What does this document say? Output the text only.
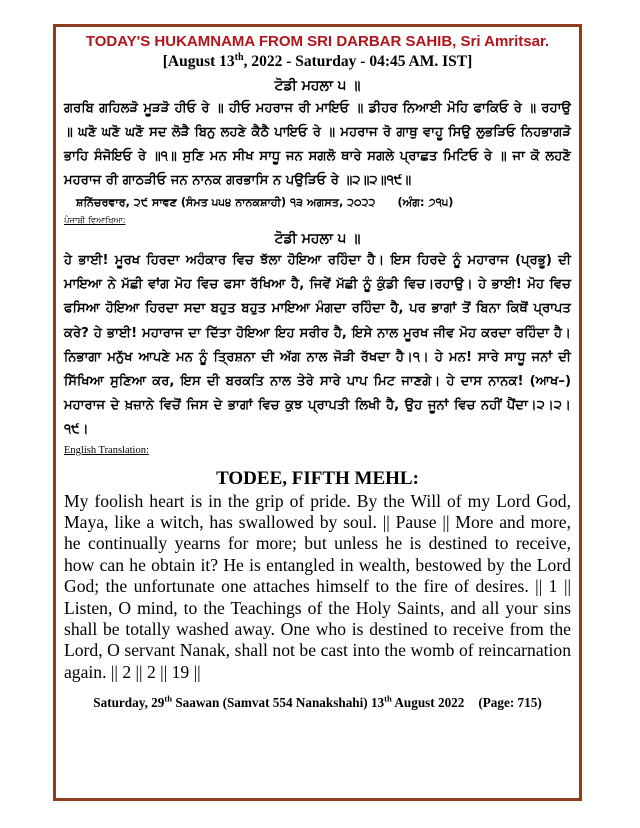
TODAY'S HUKAMNAMA FROM SRI DARBAR SAHIB, Sri Amritsar.
[August 13th, 2022 - Saturday - 04:45 AM. IST]
ਟੋਡੀ ਮਹਲਾ ੫ ॥
ਗਰਬਿ ਗਹਿਲੜੋ ਮੂੜੜੋ ਹੀਓ ਰੇ ॥ ਹੀਓ ਮਹਰਾਜ ਰੀ ਮਾਇਓ ॥ ਡੀਹਰ ਨਿਆਈ ਮੋਹਿ ਫਾਕਿਓ ਰੇ ॥ ਰਹਾਉ ॥ ਘਣੋ ਘਣੋ ਘਣੋ ਸਦ ਲੋੜੈ ਬਿਨੁ ਲਹਣੇ ਕੈਠੈ ਪਾਇਓ ਰੇ ॥ ਮਹਰਾਜ ਰੋ ਗਾਥੁ ਵਾਹੂ ਸਿਉ ਲੁਭੜਿਓ ਨਿਹਭਾਗੜੋ ਭਾਹਿ ਸੰਜੋਇਓ ਰੇ ॥੧॥ ਸੁਣਿ ਮਨ ਸੀਖ ਸਾਧੂ ਜਨ ਸਗਲੋ ਥਾਰੇ ਸਗਲੇ ਪ੍ਰਾਛਤ ਮਿਟਿਓ ਰੇ ॥ ਜਾ ਕੋ ਲਹਣੋ ਮਹਰਾਜ ਰੀ ਗਾਠੜੀਓ ਜਨ ਨਾਨਕ ਗਰਭਾਸਿ ਨ ਪਉੜਿਓ ਰੇ ॥੨॥੨॥੧੯॥
ਸ਼ਨਿੱਚਰਵਾਰ, ੨੯ ਸਾਵਣ (ਸੰਮਤ ੫੫੪ ਨਾਨਕਸ਼ਾਹੀ) ੧੩ ਅਗਸਤ, ੨੦੨੨ (ਅੰਗ: ੭੧੫)
ਪੰਜਾਬੀ ਵਿਆਖਿਆ:
ਟੋਡੀ ਮਹਲਾ ੫ ॥
ਹੇ ਭਾਈ! ਮੂਰਖ ਹਿਰਦਾ ਅਹੰਕਾਰ ਵਿਚ ਝੱਲਾ ਹੋਇਆ ਰਹਿੰਦਾ ਹੈ। ਇਸ ਹਿਰਦੇ ਨੂੰ ਮਹਾਰਾਜ (ਪ੍ਰਭੂ) ਦੀ ਮਾਇਆ ਨੇ ਮੱਛੀ ਵਾਂਗ ਮੋਹ ਵਿਚ ਫਸਾ ਰੱਖਿਆ ਹੈ, ਜਿਵੇਂ ਮੱਛੀ ਨੂੰ ਕੁੰਡੀ ਵਿਚ।ਰਹਾਉ। ਹੇ ਭਾਈ! ਮੋਹ ਵਿਚ ਫਸਿਆ ਹੋਇਆ ਹਿਰਦਾ ਸਦਾ ਬਹੁਤ ਬਹੁਤ ਮਾਇਆ ਮੰਗਦਾ ਰਹਿੰਦਾ ਹੈ, ਪਰ ਭਾਗਾਂ ਤੋਂ ਬਿਨਾ ਕਿਥੋਂ ਪ੍ਰਾਪਤ ਕਰੇ? ਹੇ ਭਾਈ! ਮਹਾਰਾਜ ਦਾ ਦਿੱਤਾ ਹੋਇਆ ਇਹ ਸਰੀਰ ਹੈ, ਇਸੇ ਨਾਲ ਮੂਰਖ ਜੀਵ ਮੋਹ ਕਰਦਾ ਰਹਿੰਦਾ ਹੈ। ਨਿਭਾਗਾ ਮਨੁੱਖ ਆਪਣੇ ਮਨ ਨੂੰ ਤ੍ਰਿਸ਼ਨਾ ਦੀ ਅੱਗ ਨਾਲ ਜੋੜੀ ਰੱਖਦਾ ਹੈ।੧। ਹੇ ਮਨ! ਸਾਰੇ ਸਾਧੂ ਜਨਾਂ ਦੀ ਸਿੱਖਿਆ ਸੁਣਿਆ ਕਰ, ਇਸ ਦੀ ਬਰਕਤਿ ਨਾਲ ਤੇਰੇ ਸਾਰੇ ਪਾਪ ਮਿਟ ਜਾਣਗੇ। ਹੇ ਦਾਸ ਨਾਨਕ! (ਆਖ–) ਮਹਾਰਾਜ ਦੇ ਖ਼ਜ਼ਾਨੇ ਵਿਚੋਂ ਜਿਸ ਦੇ ਭਾਗਾਂ ਵਿਚ ਕੁਝ ਪ੍ਰਾਪਤੀ ਲਿਖੀ ਹੈ, ਉਹ ਜੂਨਾਂ ਵਿਚ ਨਹੀਂ ਪੈਂਦਾ।੨।੨।੧੯।
English Translation:
TODEE, FIFTH MEHL:
My foolish heart is in the grip of pride. By the Will of my Lord God, Maya, like a witch, has swallowed by soul. || Pause || More and more, he continually yearns for more; but unless he is destined to receive, how can he obtain it? He is entangled in wealth, bestowed by the Lord God; the unfortunate one attaches himself to the fire of desires. || 1 || Listen, O mind, to the Teachings of the Holy Saints, and all your sins shall be totally washed away. One who is destined to receive from the Lord, O servant Nanak, shall not be cast into the womb of reincarnation again. || 2 || 2 || 19 ||
Saturday, 29th Saawan (Samvat 554 Nanakshahi) 13th August 2022 (Page: 715)
